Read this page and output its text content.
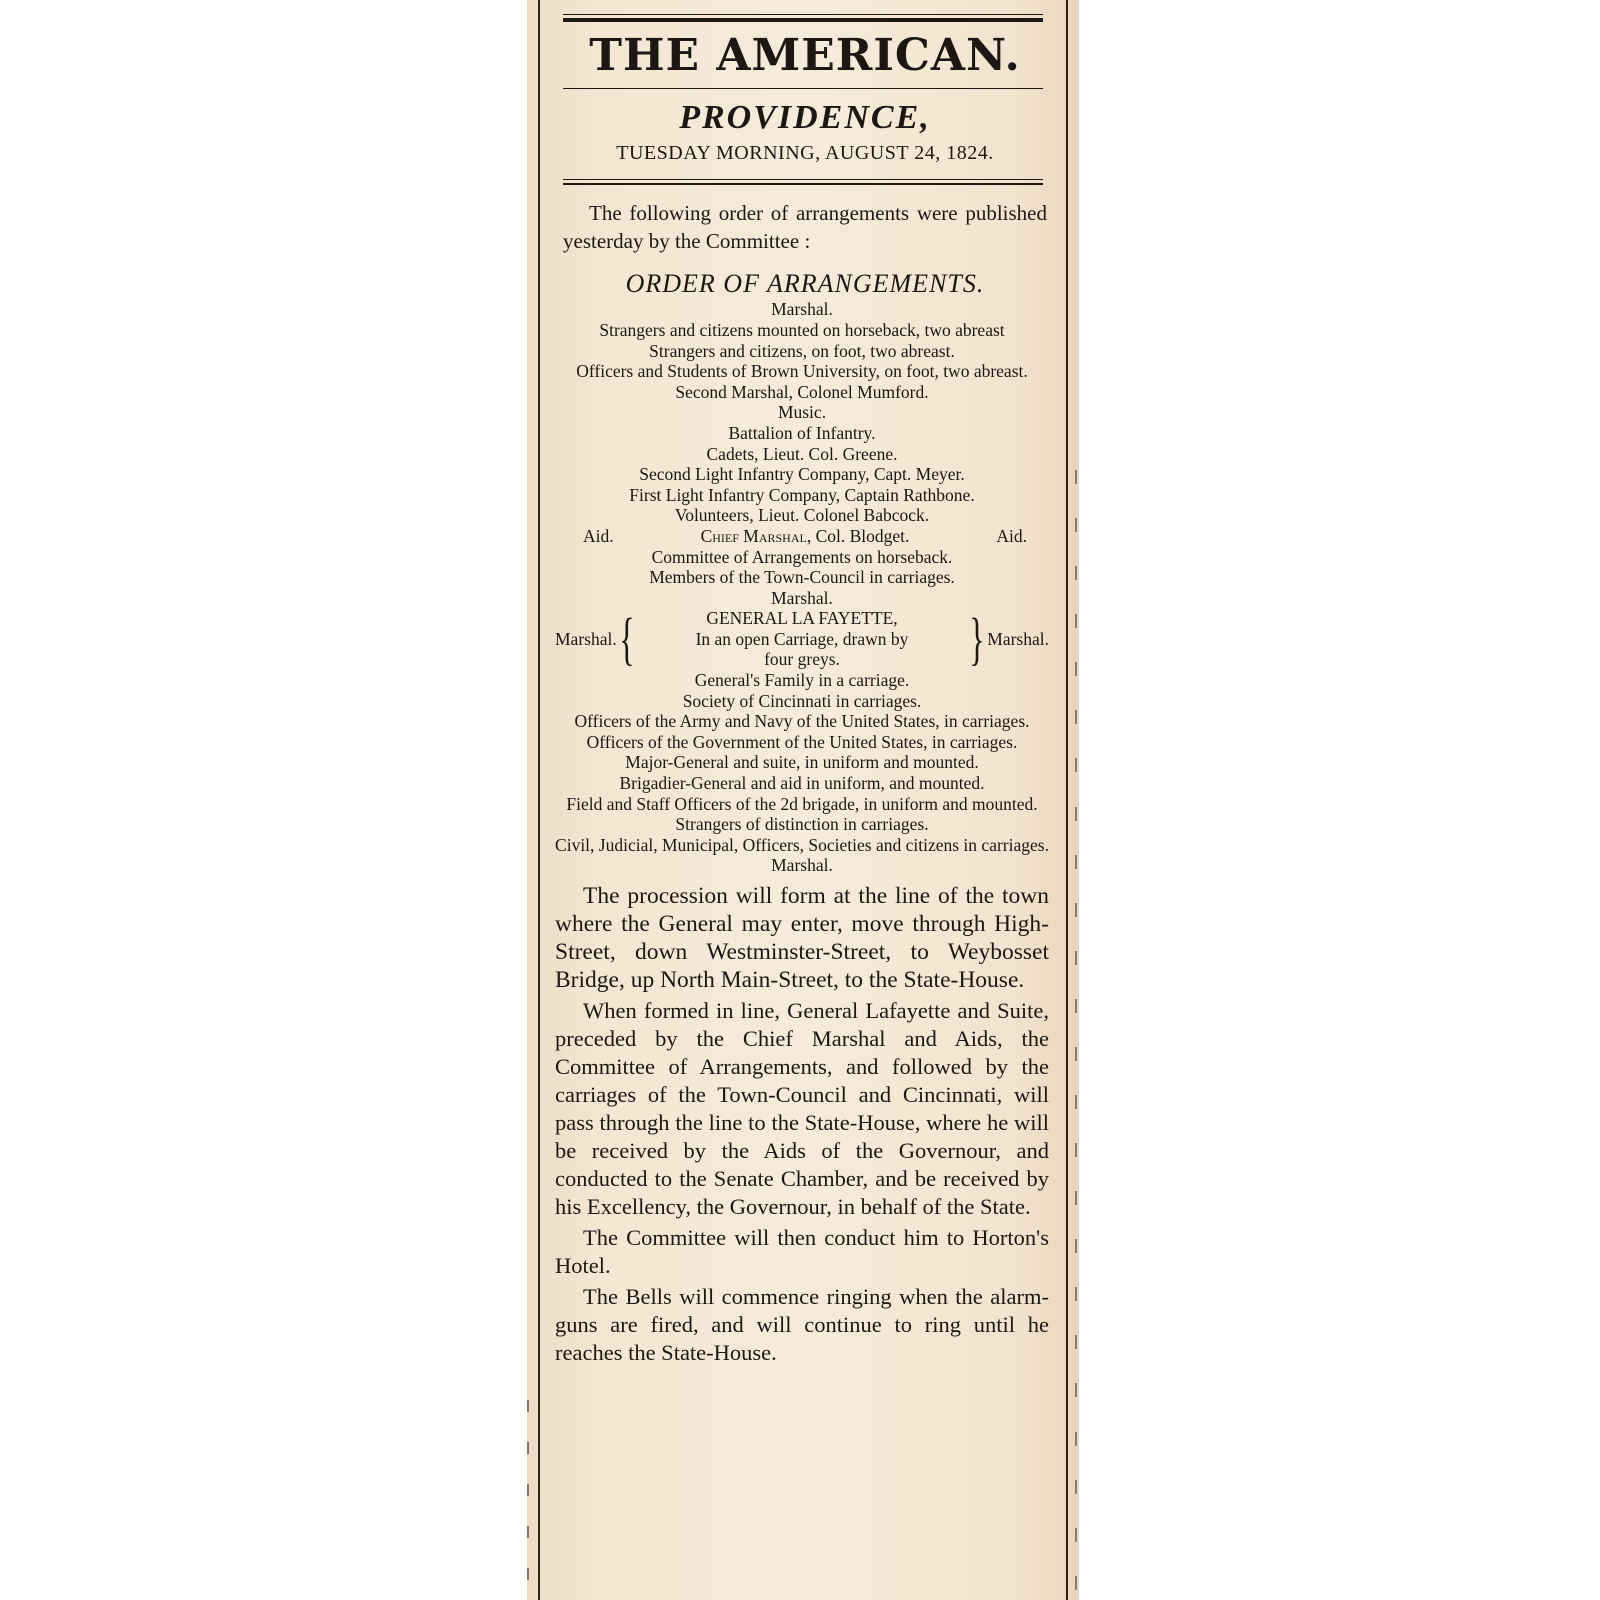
THE AMERICAN.
PROVIDENCE,
TUESDAY MORNING, AUGUST 24, 1824.

The following order of arrangements were published yesterday by the Committee :

ORDER OF ARRANGEMENTS.
Marshal.
Strangers and citizens mounted on horseback, two abreast
Strangers and citizens, on foot, two abreast.
Officers and Students of Brown University, on foot, two abreast.
Second Marshal, Colonel Mumford.
Music.
Battalion of Infantry.
Cadets, Lieut. Col. Greene.
Second Light Infantry Company, Capt. Meyer.
First Light Infantry Company, Captain Rathbone.
Volunteers, Lieut. Colonel Babcock.
Aid.	Chief Marshal, Col. Blodget.	Aid.
Committee of Arrangements on horseback.
Members of the Town-Council in carriages.
Marshal.
Marshal. {	GENERAL LA FAYETTE,
In an open Carriage, drawn by
four greys.	} Marshal.
General's Family in a carriage.
Society of Cincinnati in carriages.
Officers of the Army and Navy of the United States, in carriages.
Officers of the Government of the United States, in carriages.
Major-General and suite, in uniform and mounted.
Brigadier-General and aid in uniform, and mounted.
Field and Staff Officers of the 2d brigade, in uniform and mounted.
Strangers of distinction in carriages.
Civil, Judicial, Municipal, Officers, Societies and citizens in carriages.
Marshal.

The procession will form at the line of the town where the General may enter, move through High-Street, down Westminster-Street, to Weybosset Bridge, up North Main-Street, to the State-House.

When formed in line, General Lafayette and Suite, preceded by the Chief Marshal and Aids, the Committee of Arrangements, and followed by the carriages of the Town-Council and Cincinnati, will pass through the line to the State-House, where he will be received by the Aids of the Governour, and conducted to the Senate Chamber, and be received by his Excellency, the Governour, in behalf of the State.

The Committee will then conduct him to Horton's Hotel.

The Bells will commence ringing when the alarm-guns are fired, and will continue to ring until he reaches the State-House.
